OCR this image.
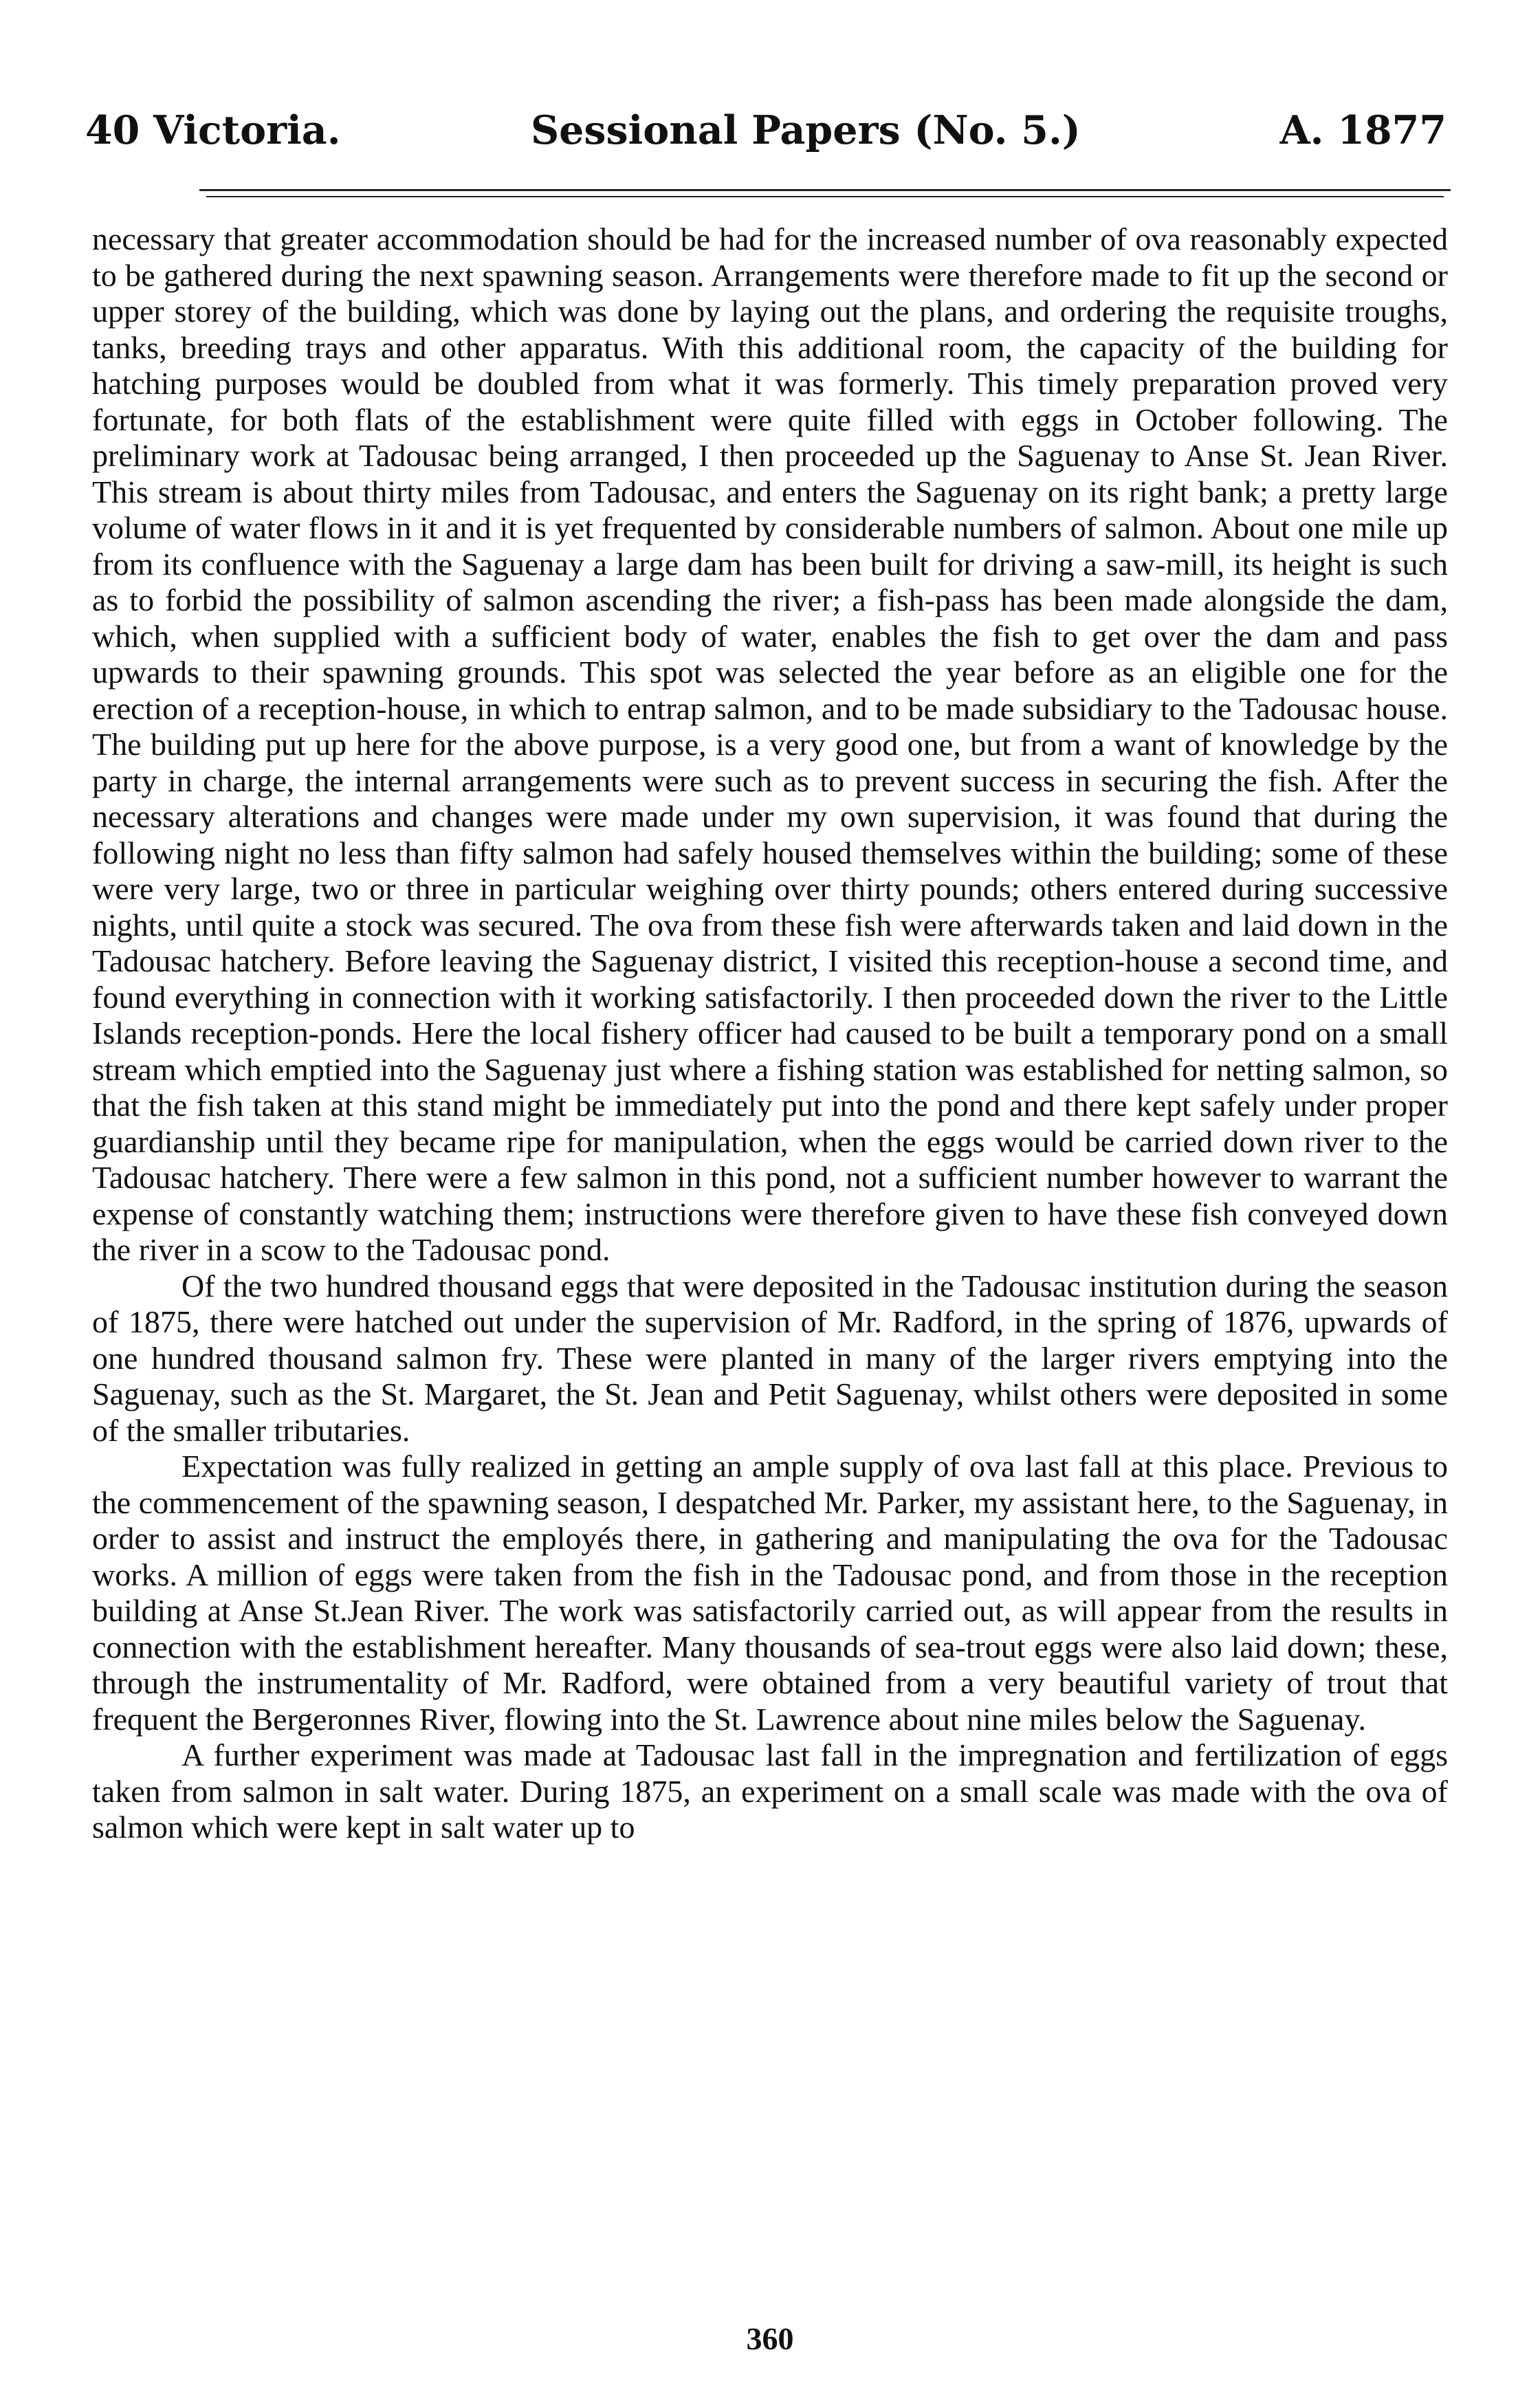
40 Victoria.	Sessional Papers (No. 5.)	A. 1877

necessary that greater accommodation should be had for the increased number of ova reasonably expected to be gathered during the next spawning season. Arrangements were therefore made to fit up the second or upper storey of the building, which was done by laying out the plans, and ordering the requisite troughs, tanks, breeding trays and other apparatus. With this additional room, the capacity of the building for hatching purposes would be doubled from what it was formerly. This timely preparation proved very fortunate, for both flats of the establishment were quite filled with eggs in October following. The preliminary work at Tadousac being arranged, I then proceeded up the Saguenay to Anse St. Jean River. This stream is about thirty miles from Tadousac, and enters the Saguenay on its right bank; a pretty large volume of water flows in it and it is yet frequented by considerable numbers of salmon. About one mile up from its confluence with the Saguenay a large dam has been built for driving a saw-mill, its height is such as to forbid the possibility of salmon ascending the river; a fish-pass has been made alongside the dam, which, when supplied with a sufficient body of water, enables the fish to get over the dam and pass upwards to their spawning grounds. This spot was selected the year before as an eligible one for the erection of a reception-house, in which to entrap salmon, and to be made subsidiary to the Tadousac house. The building put up here for the above purpose, is a very good one, but from a want of knowledge by the party in charge, the internal arrangements were such as to prevent success in securing the fish. After the necessary alterations and changes were made under my own supervision, it was found that during the following night no less than fifty salmon had safely housed themselves within the building; some of these were very large, two or three in particular weighing over thirty pounds; others entered during successive nights, until quite a stock was secured. The ova from these fish were afterwards taken and laid down in the Tadousac hatchery. Before leaving the Saguenay district, I visited this reception-house a second time, and found everything in connection with it working satisfactorily. I then proceeded down the river to the Little Islands reception-ponds. Here the local fishery officer had caused to be built a temporary pond on a small stream which emptied into the Saguenay just where a fishing station was established for netting salmon, so that the fish taken at this stand might be immediately put into the pond and there kept safely under proper guardianship until they became ripe for manipulation, when the eggs would be carried down river to the Tadousac hatchery. There were a few salmon in this pond, not a sufficient number however to warrant the expense of constantly watching them; instructions were therefore given to have these fish conveyed down the river in a scow to the Tadousac pond.

Of the two hundred thousand eggs that were deposited in the Tadousac institution during the season of 1875, there were hatched out under the supervision of Mr. Radford, in the spring of 1876, upwards of one hundred thousand salmon fry. These were planted in many of the larger rivers emptying into the Saguenay, such as the St. Margaret, the St. Jean and Petit Saguenay, whilst others were deposited in some of the smaller tributaries.

Expectation was fully realized in getting an ample supply of ova last fall at this place. Previous to the commencement of the spawning season, I despatched Mr. Parker, my assistant here, to the Saguenay, in order to assist and instruct the employés there, in gathering and manipulating the ova for the Tadousac works. A million of eggs were taken from the fish in the Tadousac pond, and from those in the reception building at Anse St.Jean River. The work was satisfactorily carried out, as will appear from the results in connection with the establishment hereafter. Many thousands of sea-trout eggs were also laid down; these, through the instrumentality of Mr. Radford, were obtained from a very beautiful variety of trout that frequent the Bergeronnes River, flowing into the St. Lawrence about nine miles below the Saguenay.

A further experiment was made at Tadousac last fall in the impregnation and fertilization of eggs taken from salmon in salt water. During 1875, an experiment on a small scale was made with the ova of salmon which were kept in salt water up to

360
